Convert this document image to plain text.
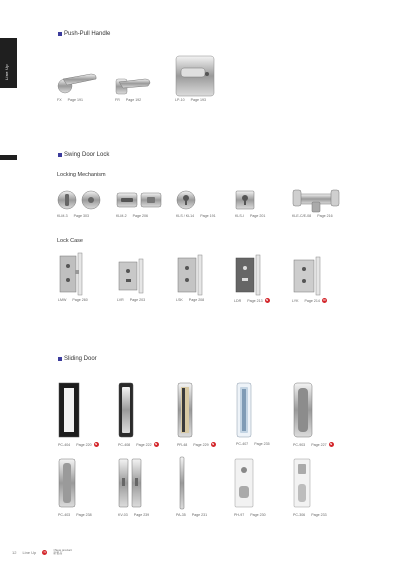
Line Up
Push-Pull Handle
FX
Page 191	FR
Page 192	LP-10
Page 193
Swing Door Lock
Locking Mechanism
KLM-3
Page 303	KLM-2
Page 206	KLS / KL14
Page 191	KLS-I
Page 201	KLE-C/E-08
Page 216
Lock Case
LMW
Page 260	LVR
Page 203	LSK
Page 208	LDR
Page 213	N	LYK
Page 214	N
Sliding Door
PC-404
Page 220	N	PC-408
Page 222	N	PR-48
Page 229	N	PC-407
Page 235	PC-903
Page 227	N
PC-403
Page 238	KV-03
Page 239	PA-35
Page 231	PH-97
Page 230	PC-306
Page 233
12 Line Up	N	=New product
新製品
